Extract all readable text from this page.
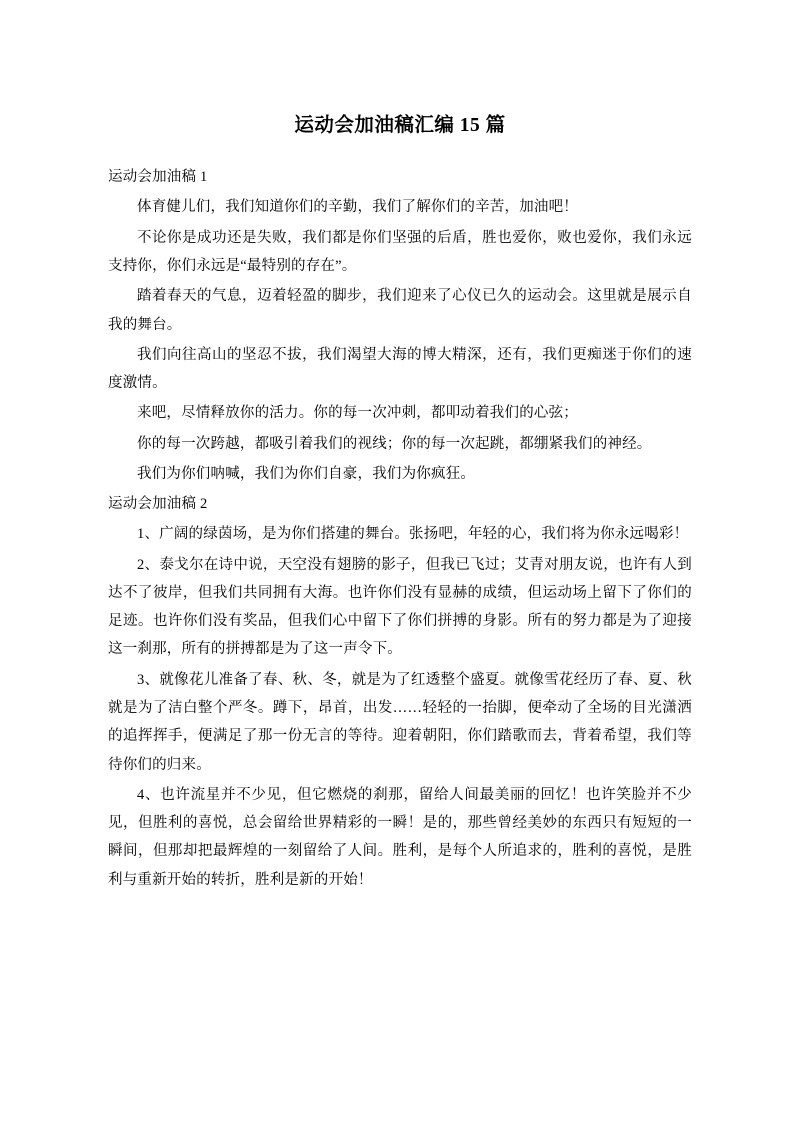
运动会加油稿汇编 15 篇

运动会加油稿 1

体育健儿们，我们知道你们的辛勤，我们了解你们的辛苦，加油吧！

不论你是成功还是失败，我们都是你们坚强的后盾，胜也爱你，败也爱你，我们永远支持你，你们永远是“最特别的存在”。

踏着春天的气息，迈着轻盈的脚步，我们迎来了心仪已久的运动会。这里就是展示自我的舞台。

我们向往高山的坚忍不拔，我们渴望大海的博大精深，还有，我们更痴迷于你们的速度激情。

来吧，尽情释放你的活力。你的每一次冲刺，都叩动着我们的心弦；

你的每一次跨越，都吸引着我们的视线；你的每一次起跳，都绷紧我们的神经。

我们为你们呐喊，我们为你们自豪，我们为你疯狂。

运动会加油稿 2

1、广阔的绿茵场，是为你们搭建的舞台。张扬吧，年轻的心，我们将为你永远喝彩！

2、泰戈尔在诗中说，天空没有翅膀的影子，但我已飞过；艾青对朋友说，也许有人到达不了彼岸，但我们共同拥有大海。也许你们没有显赫的成绩，但运动场上留下了你们的足迹。也许你们没有奖品，但我们心中留下了你们拼搏的身影。所有的努力都是为了迎接这一刹那，所有的拼搏都是为了这一声令下。

3、就像花儿准备了春、秋、冬，就是为了红透整个盛夏。就像雪花经历了春、夏、秋就是为了洁白整个严冬。蹲下，昂首，出发……轻轻的一抬脚，便牵动了全场的目光潇洒的追挥挥手，便满足了那一份无言的等待。迎着朝阳，你们踏歌而去，背着希望，我们等待你们的归来。

4、也许流星并不少见，但它燃烧的刹那，留给人间最美丽的回忆！也许笑脸并不少见，但胜利的喜悦，总会留给世界精彩的一瞬！是的，那些曾经美妙的东西只有短短的一瞬间，但那却把最辉煌的一刻留给了人间。胜利，是每个人所追求的，胜利的喜悦，是胜利与重新开始的转折，胜利是新的开始！
